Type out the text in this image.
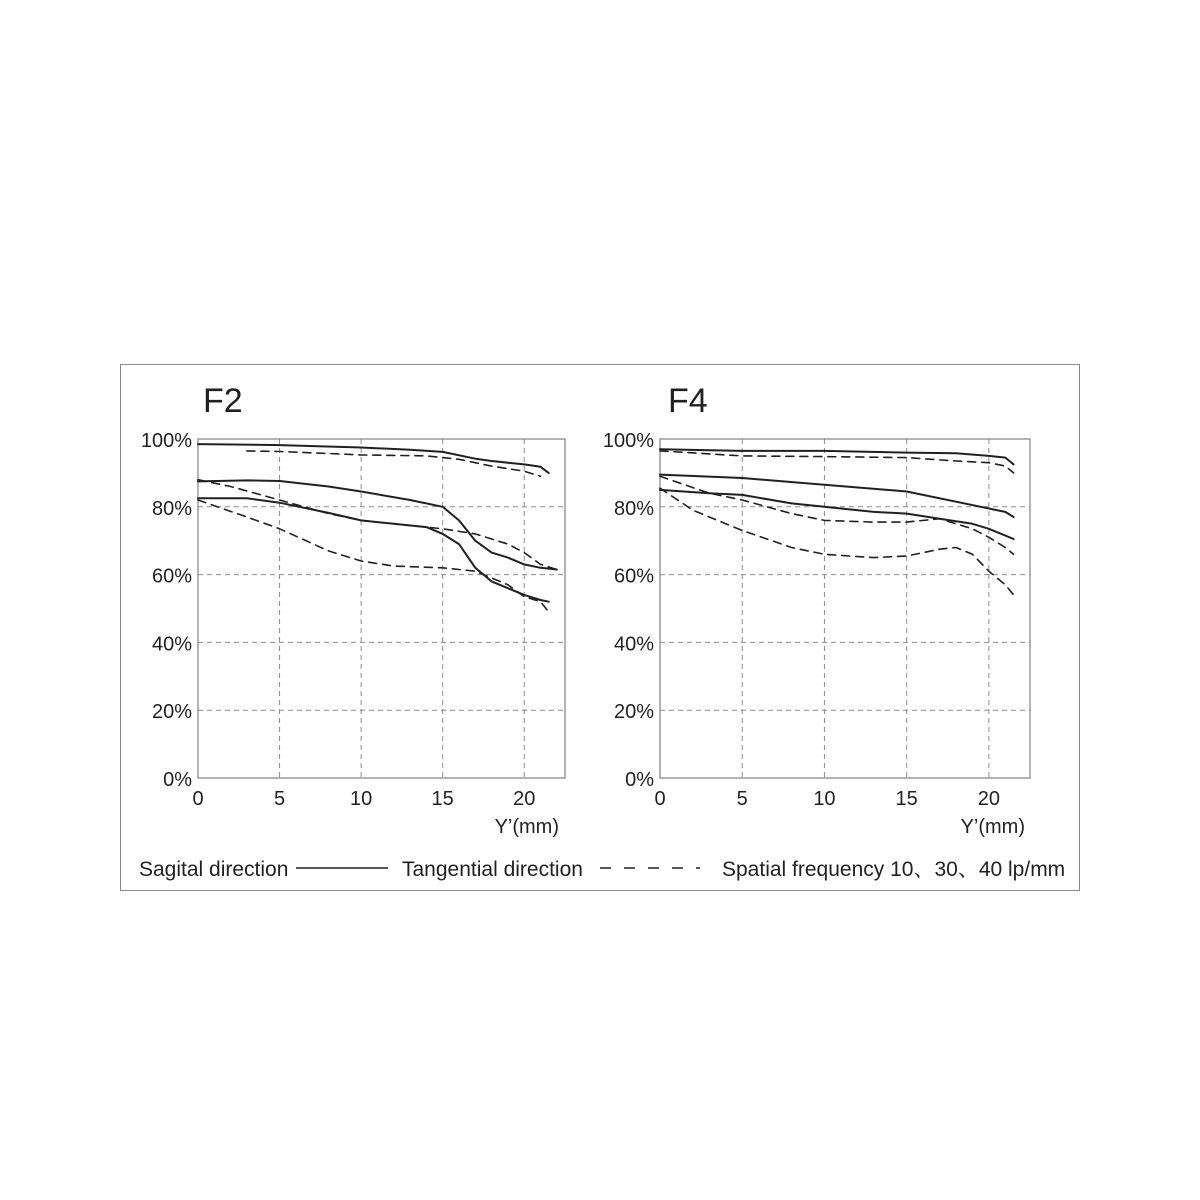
F2
0	5	10	15	20
0%
20%
40%
60%
80%
100%
Y’(mm)
F4
0	5	10	15	20
0%
20%
40%
60%
80%
100%
Y’(mm)
Sagital direction	Tangential direction	Spatial frequency 10、30、40 lp/mm
